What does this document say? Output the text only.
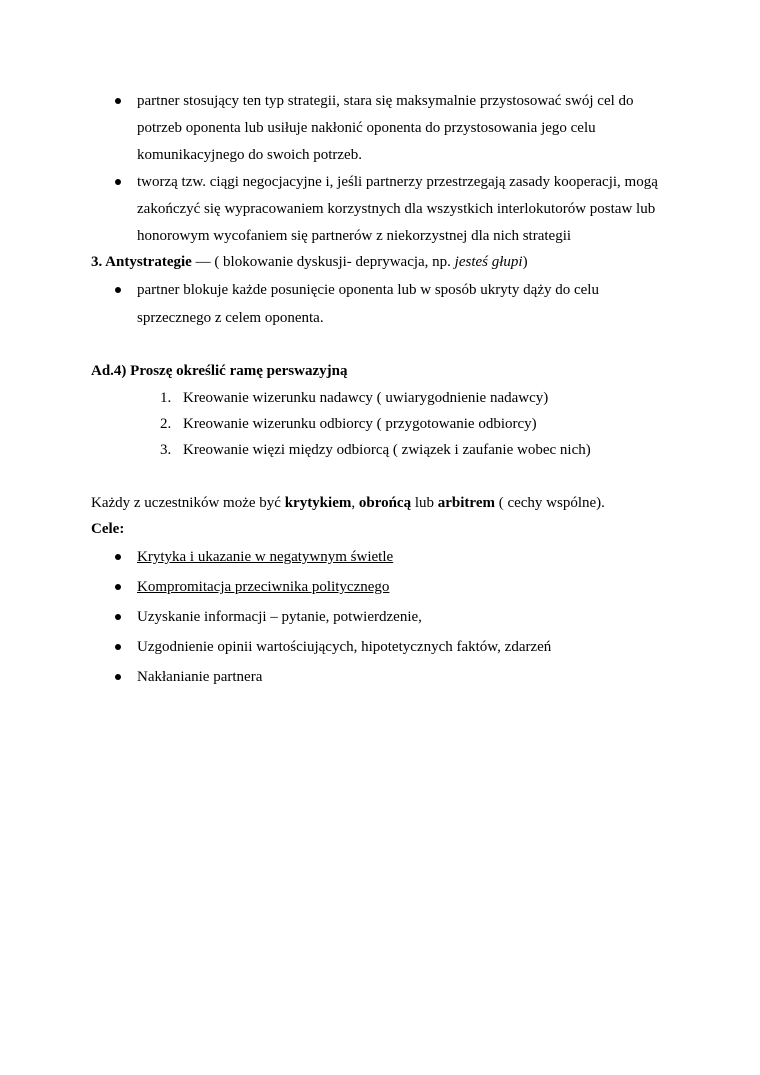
partner stosujący ten typ strategii, stara się maksymalnie przystosować swój cel do
potrzeb oponenta lub usiłuje nakłonić oponenta do przystosowania jego celu
komunikacyjnego do swoich potrzeb.
tworzą tzw. ciągi negocjacyjne i, jeśli partnerzy przestrzegają zasady kooperacji, mogą
zakończyć się wypracowaniem korzystnych dla wszystkich interlokutorów postaw lub
honorowym wycofaniem się partnerów z niekorzystnej dla nich strategii
3. Antystrategie — ( blokowanie dyskusji- deprywacja, np. jesteś głupi)
partner blokuje każde posunięcie oponenta lub w sposób ukryty dąży do celu
sprzecznego z celem oponenta.
Ad.4) Proszę określić ramę perswazyjną
1. Kreowanie wizerunku nadawcy ( uwiarygodnienie nadawcy)
2. Kreowanie wizerunku odbiorcy ( przygotowanie odbiorcy)
3. Kreowanie więzi między odbiorcą ( związek i zaufanie wobec nich)
Każdy z uczestników może być krytykiem, obrońcą lub arbitrem ( cechy wspólne).
Cele:
Krytyka i ukazanie w negatywnym świetle
Kompromitacja przeciwnika politycznego
Uzyskanie informacji – pytanie, potwierdzenie,
Uzgodnienie opinii wartościujących, hipotetycznych faktów, zdarzeń
Nakłanianie partnera
